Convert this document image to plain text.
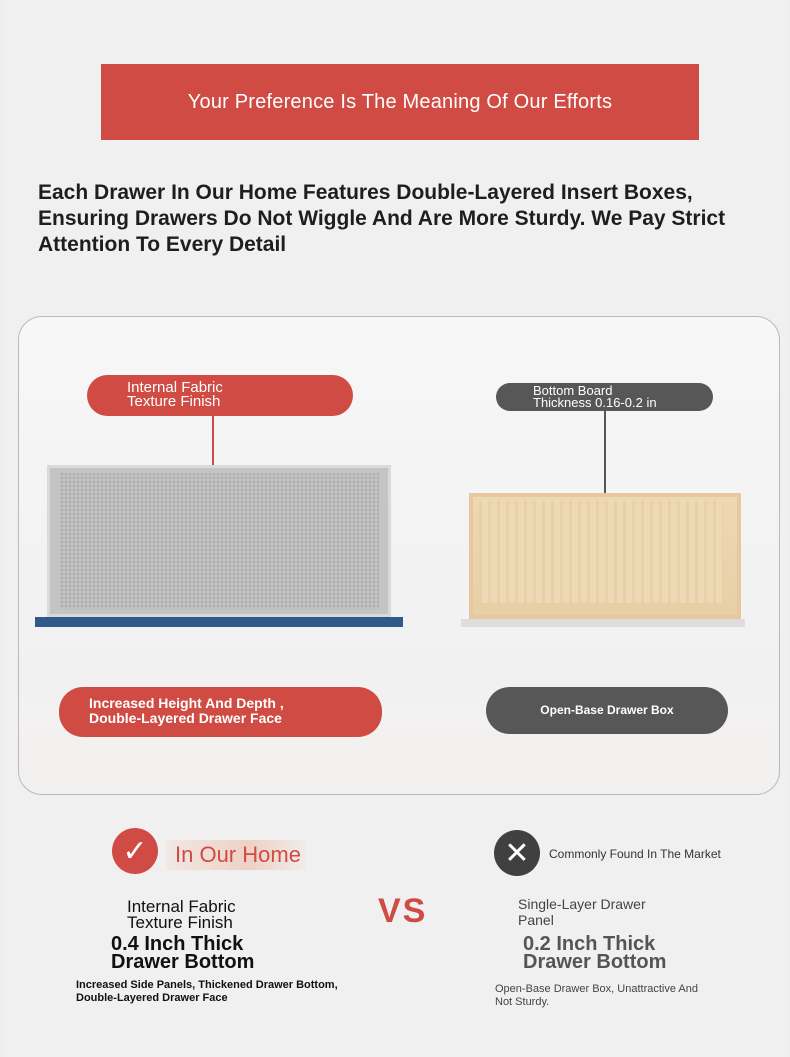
Your Preference Is The Meaning Of Our Efforts
Each Drawer In Our Home Features Double-Layered Insert Boxes, Ensuring Drawers Do Not Wiggle And Are More Sturdy. We Pay Strict Attention To Every Detail
Internal Fabric
Texture Finish
Bottom Board
Thickness 0.16-0.2 in
Increased Height And Depth ,
Double-Layered Drawer Face	Open-Base Drawer Box
✓	In Our Home	✕	Commonly Found In The Market
VS
Internal Fabric
Texture Finish
0.4 Inch Thick
Drawer Bottom
Increased Side Panels, Thickened Drawer Bottom,
Double-Layered Drawer Face
Single-Layer Drawer
Panel
0.2 Inch Thick
Drawer Bottom
Open-Base Drawer Box, Unattractive And
Not Sturdy.
